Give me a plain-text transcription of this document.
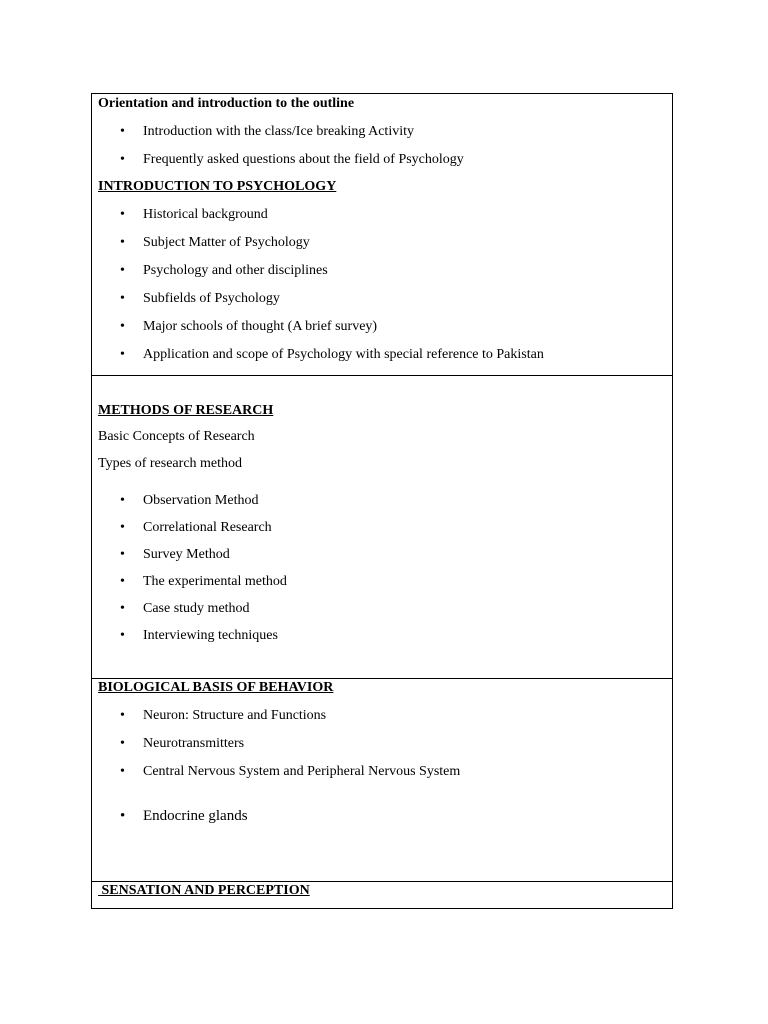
Orientation and introduction to the outline

• Introduction with the class/Ice breaking Activity
• Frequently asked questions about the field of Psychology

INTRODUCTION TO PSYCHOLOGY

• Historical background
• Subject Matter of Psychology
• Psychology and other disciplines
• Subfields of Psychology
• Major schools of thought (A brief survey)
• Application and scope of Psychology with special reference to Pakistan

METHODS OF RESEARCH

Basic Concepts of Research

Types of research method

• Observation Method
• Correlational Research
• Survey Method
• The experimental method
• Case study method
• Interviewing techniques

BIOLOGICAL BASIS OF BEHAVIOR

• Neuron: Structure and Functions
• Neurotransmitters
• Central Nervous System and Peripheral Nervous System
• Endocrine glands

SENSATION AND PERCEPTION
